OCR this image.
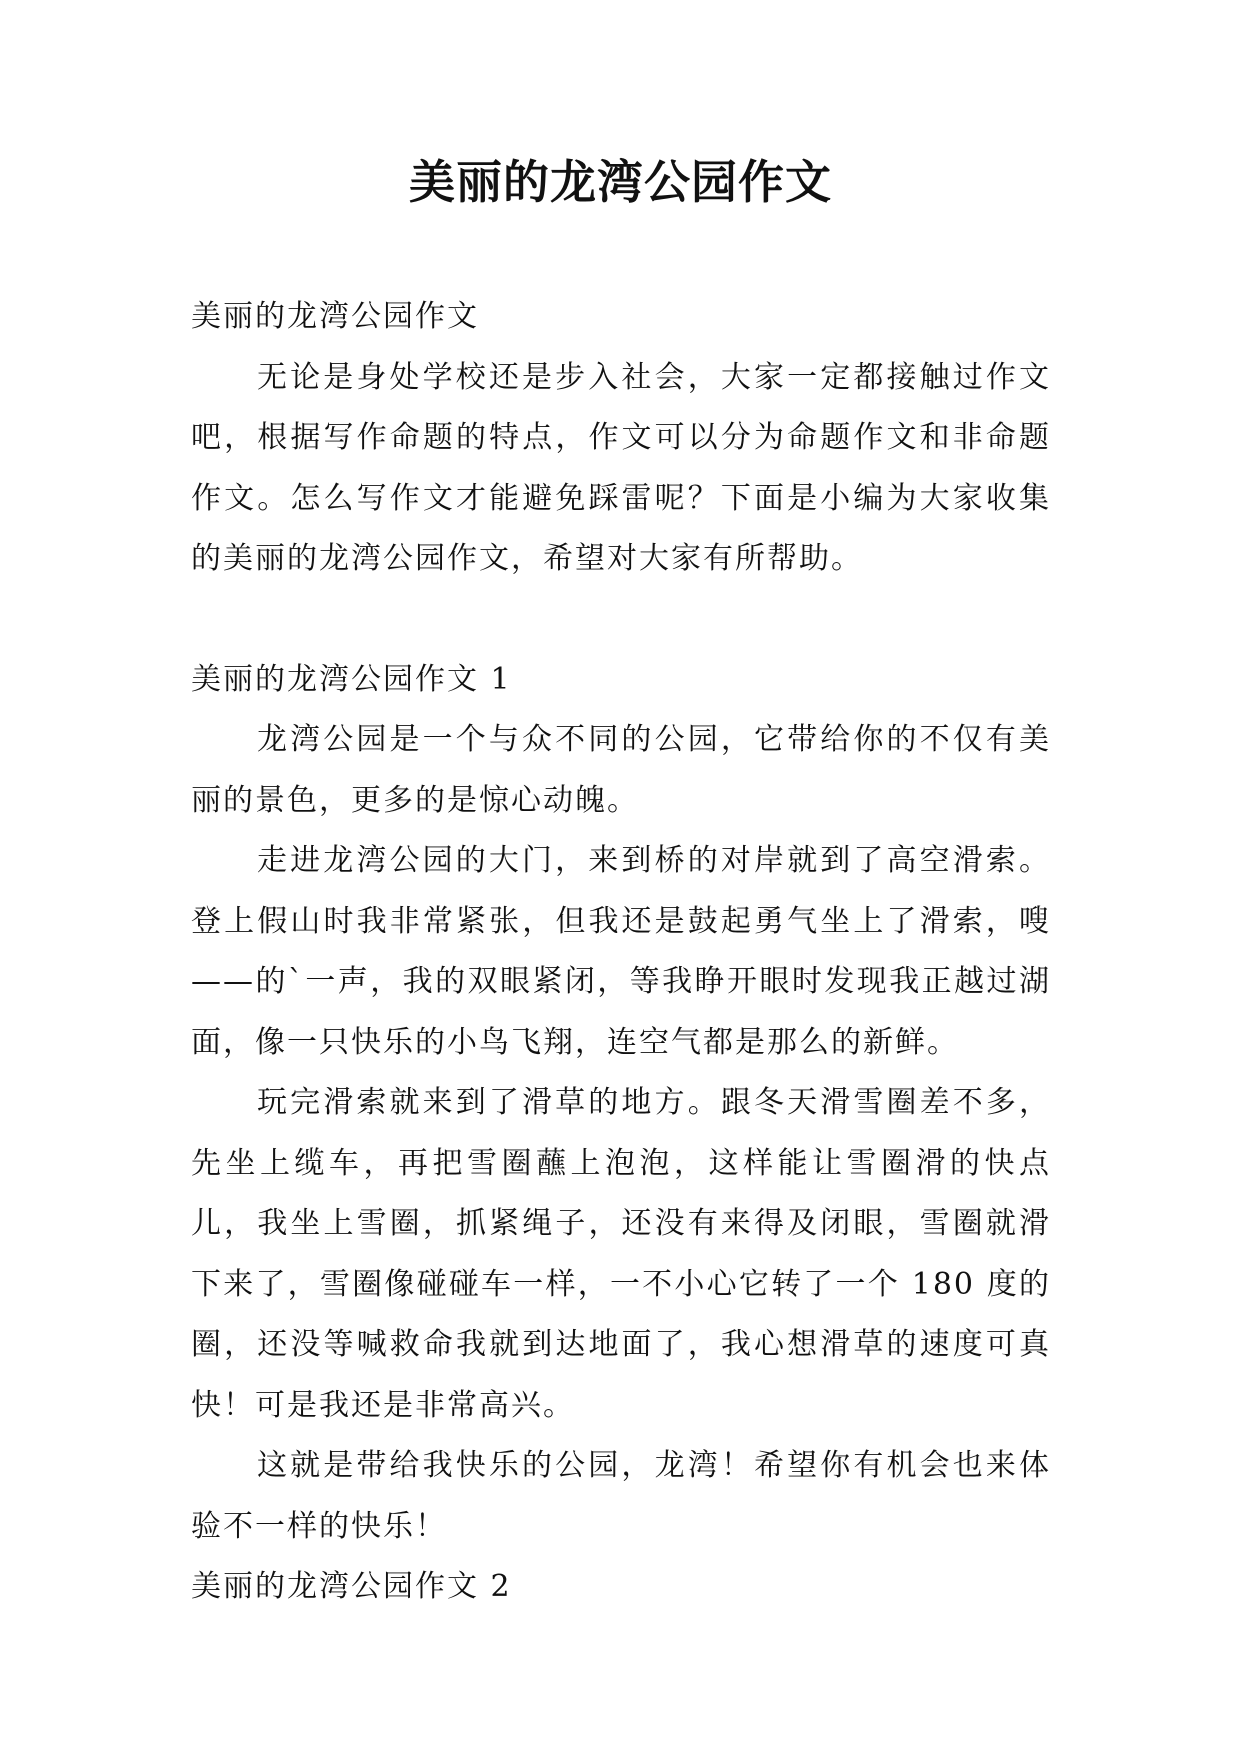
美丽的龙湾公园作文

美丽的龙湾公园作文

无论是身处学校还是步入社会，大家一定都接触过作文吧，根据写作命题的特点，作文可以分为命题作文和非命题作文。怎么写作文才能避免踩雷呢？下面是小编为大家收集的美丽的龙湾公园作文，希望对大家有所帮助。

美丽的龙湾公园作文 1

龙湾公园是一个与众不同的公园，它带给你的不仅有美丽的景色，更多的是惊心动魄。

走进龙湾公园的大门，来到桥的对岸就到了高空滑索。登上假山时我非常紧张，但我还是鼓起勇气坐上了滑索，嗖——的`一声，我的双眼紧闭，等我睁开眼时发现我正越过湖面，像一只快乐的小鸟飞翔，连空气都是那么的新鲜。

玩完滑索就来到了滑草的地方。跟冬天滑雪圈差不多，先坐上缆车，再把雪圈蘸上泡泡，这样能让雪圈滑的快点儿，我坐上雪圈，抓紧绳子，还没有来得及闭眼，雪圈就滑下来了，雪圈像碰碰车一样，一不小心它转了一个 180 度的圈，还没等喊救命我就到达地面了，我心想滑草的速度可真快！可是我还是非常高兴。

这就是带给我快乐的公园，龙湾！希望你有机会也来体验不一样的快乐！

美丽的龙湾公园作文 2
